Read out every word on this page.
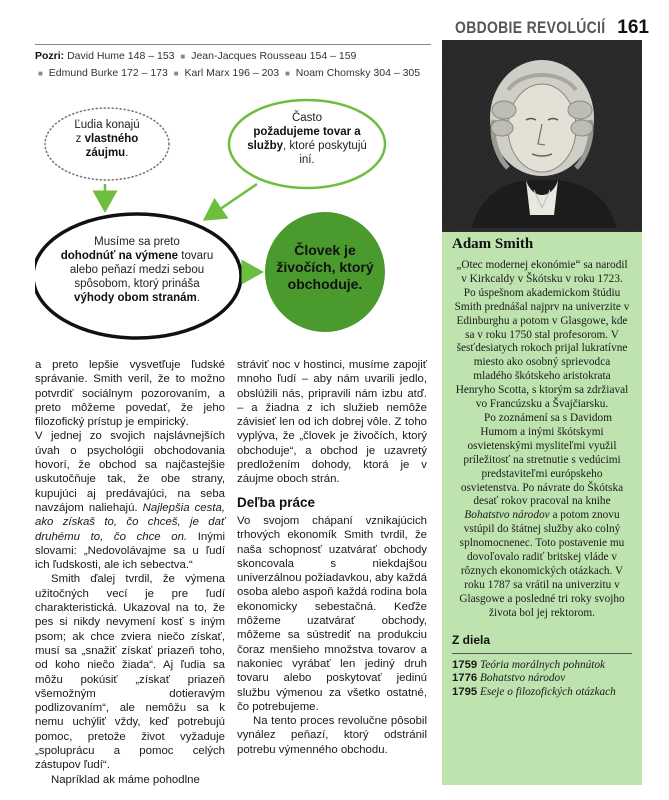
OBDOBIE REVOLÚCIÍ 161
Pozri: David Hume 148 – 153 ■ Jean-Jacques Rousseau 154 – 159
■ Edmund Burke 172 – 173 ■ Karl Marx 196 – 203 ■ Noam Chomsky 304 – 305
Ľudia konajú
z vlastného záujmu.
Často
požadujeme tovar a služby, ktoré poskytujú iní.
Musíme sa preto
dohodnúť na výmene tovaru alebo peňazí medzi sebou spôsobom, ktorý prináša výhody obom stranám.
Človek je živočích, ktorý obchoduje.

a preto lepšie vysvetľuje ľudské správanie. Smith veril, že to možno potvrdiť sociálnym pozorovaním, a preto môžeme povedať, že jeho filozofický prístup je empirický.

V jednej zo svojich najslávnejších úvah o psychológii obchodovania hovorí, že obchod sa najčastejšie uskutočňuje tak, že obe strany, kupujúci aj predávajúci, na seba navzájom naliehajú. Najlepšia cesta, ako získaš to, čo chceš, je dať druhému to, čo chce on. Inými slovami: „Nedovolávajme sa u ľudí ich ľudskosti, ale ich sebectva.“

Smith ďalej tvrdil, že výmena užitočných vecí je pre ľudí charakteristická. Ukazoval na to, že pes si nikdy nevymení kosť s iným psom; ak chce zviera niečo získať, musí sa „snažiť získať priazeň toho, od koho niečo žiada“. Aj ľudia sa môžu pokúsiť „získať priazeň všemožným dotieravým podlizovaním“, ale nemôžu sa k nemu uchýliť vždy, keď potrebujú pomoc, pretože život vyžaduje „spoluprácu a pomoc celých zástupov ľudí“.

Napríklad ak máme pohodlne

stráviť noc v hostinci, musíme zapojiť mnoho ľudí – aby nám uvarili jedlo, obslúžili nás, pripravili nám izbu atď. – a žiadna z ich služieb nemôže závisieť len od ich dobrej vôle. Z toho vyplýva, že „človek je živočích, ktorý obchoduje“, a obchod je uzavretý predložením dohody, ktorá je v záujme oboch strán.

Deľba práce

Vo svojom chápaní vznikajúcich trhových ekonomík Smith tvrdil, že naša schopnosť uzatvárať obchody skoncovala s niekdajšou univerzálnou požiadavkou, aby každá osoba alebo aspoň každá rodina bola ekonomicky sebestačná. Keďže môžeme uzatvárať obchody, môžeme sa sústrediť na produkciu čoraz menšieho množstva tovarov a nakoniec vyrábať len jediný druh tovaru alebo poskytovať jedinú službu výmenou za všetko ostatné, čo potrebujeme.

Na tento proces revolučne pôsobil vynález peňazí, ktorý odstránil potrebu výmenného obchodu.

Adam Smith

„Otec modernej ekonómie“ sa narodil v Kirkcaldy v Škótsku v roku 1723. Po úspešnom akademickom štúdiu Smith prednášal najprv na univerzite v Edinburghu a potom v Glasgowe, kde sa v roku 1750 stal profesorom. V šesťdesiatych rokoch prijal lukratívne miesto ako osobný sprievodca mladého škótskeho aristokrata Henryho Scotta, s ktorým sa zdržiaval vo Francúzsku a Švajčiarsku.

Po zoznámení sa s Davidom Humom a inými škótskymi osvietenskými mysliteľmi využil príležitosť na stretnutie s vedúcimi predstaviteľmi európskeho osvietenstva. Po návrate do Škótska desať rokov pracoval na knihe Bohatstvo národov a potom znovu vstúpil do štátnej služby ako colný splnomocnenec. Toto postavenie mu dovoľovalo radiť britskej vláde v rôznych ekonomických otázkach. V roku 1787 sa vrátil na univerzitu v Glasgowe a posledné tri roky svojho života bol jej rektorom.

Z diela
1759 Teória morálnych pohnútok
1776 Bohatstvo národov
1795 Eseje o filozofických otázkach
